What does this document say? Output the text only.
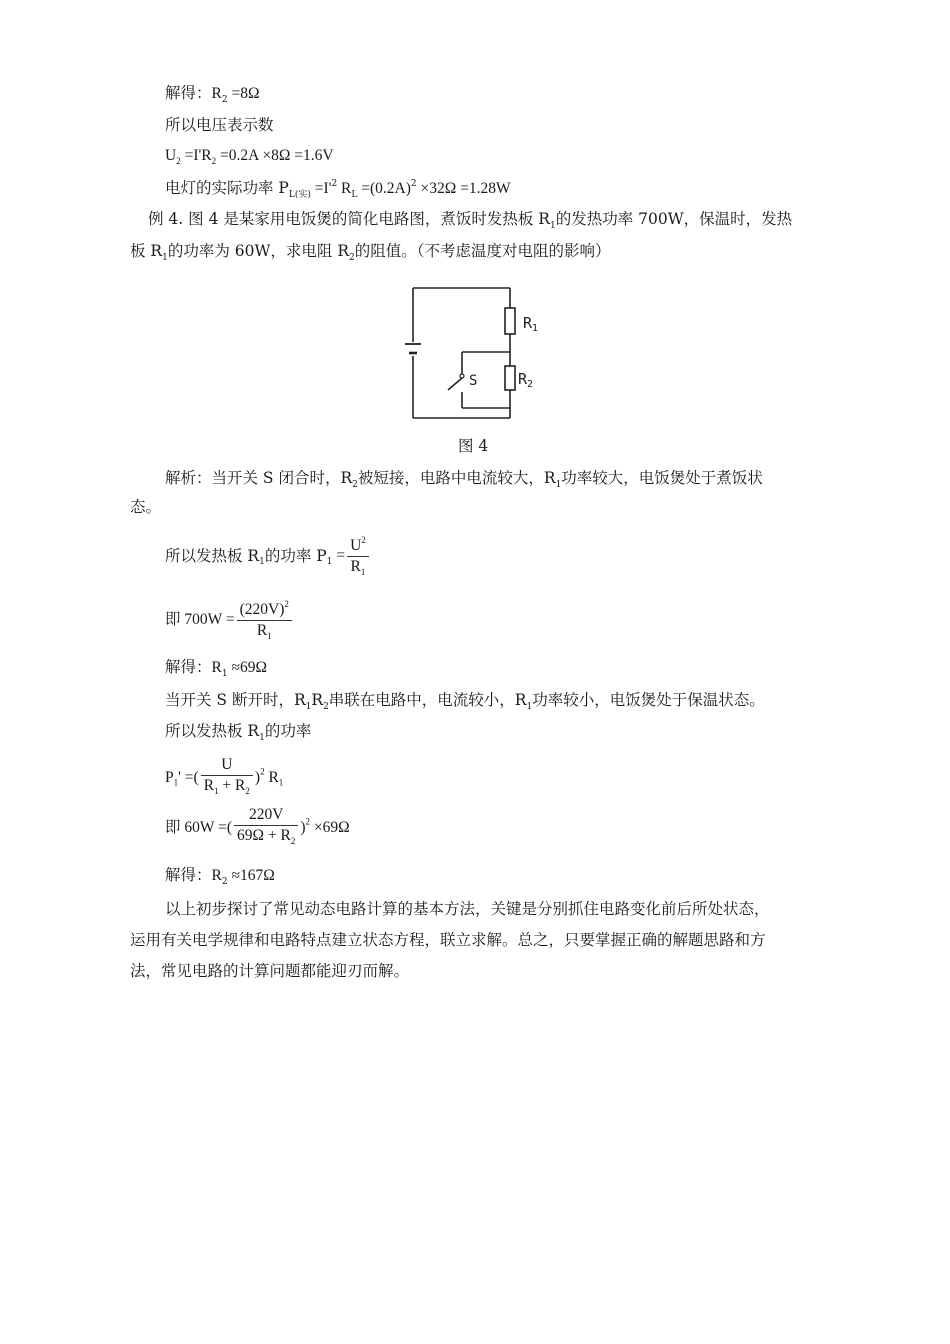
解得：$R_2 =8\Omega$
所以电压表示数
$U_2 =I'R_2 =0.2A \times 8\Omega =1.6V$
电灯的实际功率 $P_{L(实)} =I'^2$ $R_L =(0.2A)^2 \times 32\Omega =1.28W$
例 4. 图 4 是某家用电饭煲的简化电路图，煮饭时发热板 $R_1$的发热功率 700W，保温时，发热
板 $R_1$的功率为 60W，求电阻 $R_2$的阻值。（不考虑温度对电阻的影响）
$R_1$
$R_2$
S
图 4
解析：当开关 S 闭合时，$R_2$被短接，电路中电流较大，$R_1$功率较大，电饭煲处于煮饭状
态。
所以发热板 $R_1$的功率 $P_1 = \frac{U^2}{R_1}$
即 $700W = \frac{(220V)^2}{R_1}$
解得：$R_1 \approx 69\Omega$
当开关 S 断开时，$R_1R_2$串联在电路中，电流较小，$R_1$功率较小，电饭煲处于保温状态。
所以发热板 $R_1$的功率
$P_1'$ =( $\frac{U}{R_1 + R_2} )^2$ $R_1$
即 60W =( $\frac{220V}{69\Omega + R_2} )^2 \times 69\Omega$
解得：$R_2 \approx 167\Omega$
以上初步探讨了常见动态电路计算的基本方法，关键是分别抓住电路变化前后所处状态，
运用有关电学规律和电路特点建立状态方程，联立求解。总之，只要掌握正确的解题思路和方
法，常见电路的计算问题都能迎刃而解。
